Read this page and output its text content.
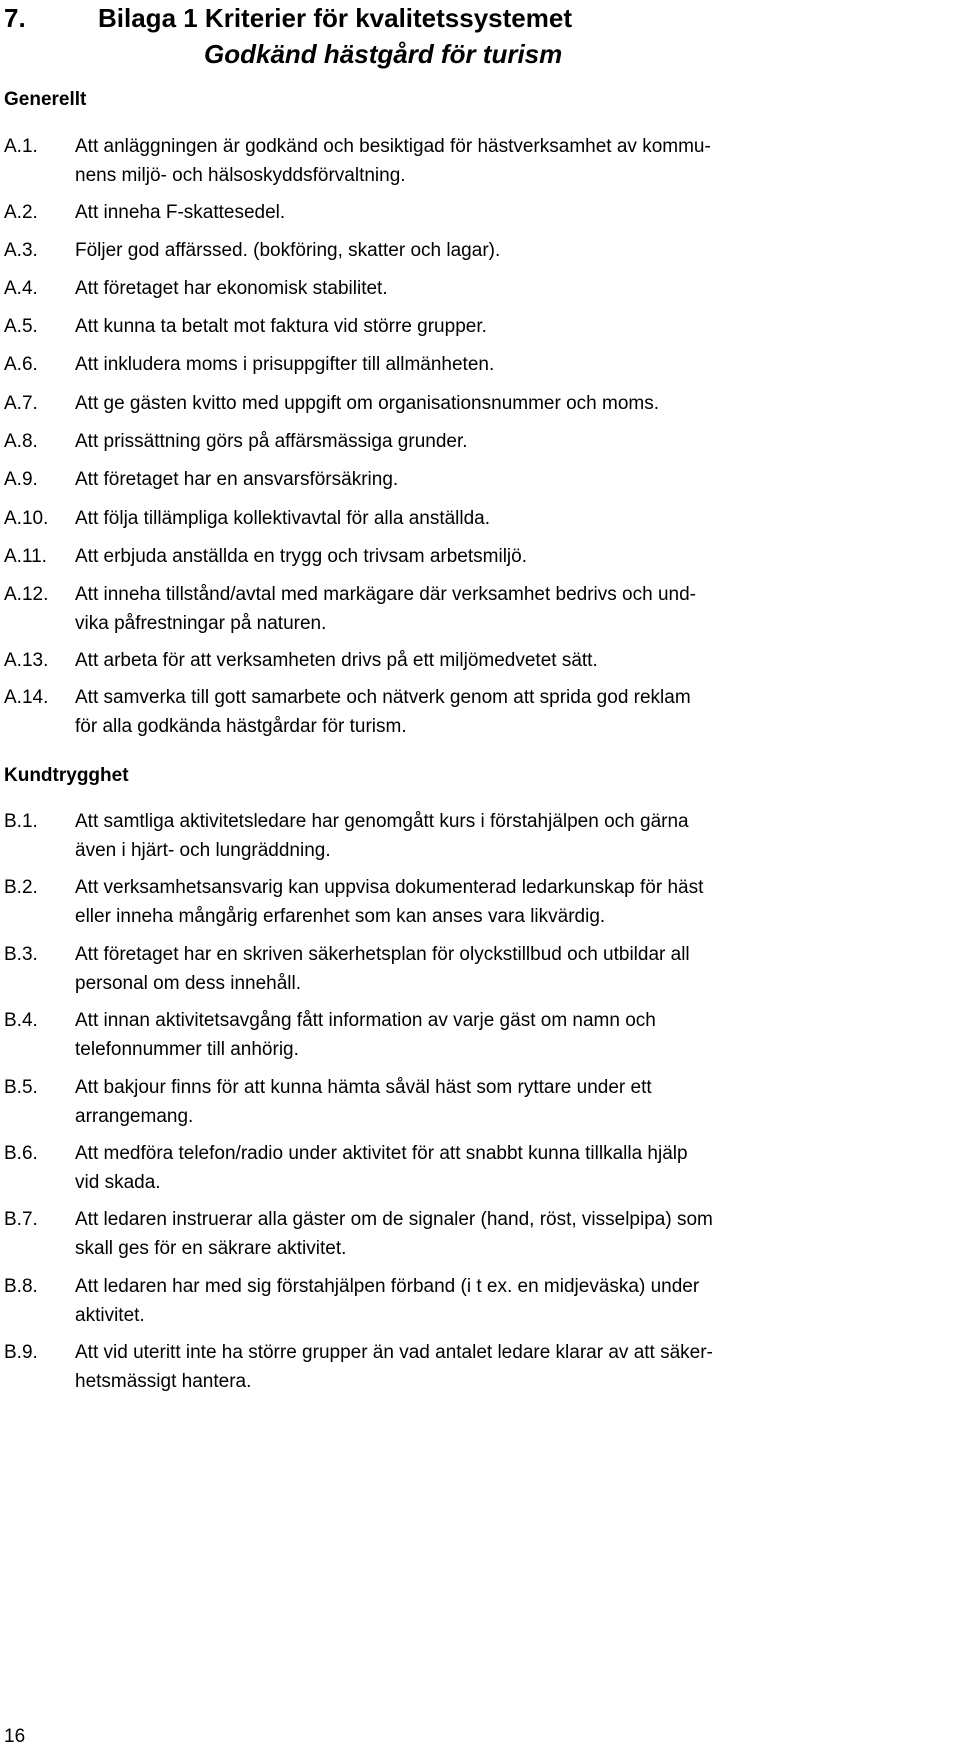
7.	Bilaga 1 Kriterier för kvalitetssystemet
Godkänd hästgård för turism
Generellt
A.1.	Att anläggningen är godkänd och besiktigad för hästverksamhet av kommu-
nens miljö- och hälsoskyddsförvaltning.
A.2.	Att inneha F-skattesedel.
A.3.	Följer god affärssed. (bokföring, skatter och lagar).
A.4.	Att företaget har ekonomisk stabilitet.
A.5.	Att kunna ta betalt mot faktura vid större grupper.
A.6.	Att inkludera moms i prisuppgifter till allmänheten.
A.7.	Att ge gästen kvitto med uppgift om organisationsnummer och moms.
A.8.	Att prissättning görs på affärsmässiga grunder.
A.9.	Att företaget har en ansvarsförsäkring.
A.10.	Att följa tillämpliga kollektivavtal för alla anställda.
A.11.	Att erbjuda anställda en trygg och trivsam arbetsmiljö.
A.12.	Att inneha tillstånd/avtal med markägare där verksamhet bedrivs och und-
vika påfrestningar på naturen.
A.13.	Att arbeta för att verksamheten drivs på ett miljömedvetet sätt.
A.14.	Att samverka till gott samarbete och nätverk genom att sprida god reklam
för alla godkända hästgårdar för turism.
Kundtrygghet
B.1.	Att samtliga aktivitetsledare har genomgått kurs i förstahjälpen och gärna
även i hjärt- och lungräddning.
B.2.	Att verksamhetsansvarig kan uppvisa dokumenterad ledarkunskap för häst
eller inneha mångårig erfarenhet som kan anses vara likvärdig.
B.3.	Att företaget har en skriven säkerhetsplan för olyckstillbud och utbildar all
personal om dess innehåll.
B.4.	Att innan aktivitetsavgång fått information av varje gäst om namn och
telefonnummer till anhörig.
B.5.	Att bakjour finns för att kunna hämta såväl häst som ryttare under ett
arrangemang.
B.6.	Att medföra telefon/radio under aktivitet för att snabbt kunna tillkalla hjälp
vid skada.
B.7.	Att ledaren instruerar alla gäster om de signaler (hand, röst, visselpipa) som
skall ges för en säkrare aktivitet.
B.8.	Att ledaren har med sig förstahjälpen förband (i t ex. en midjeväska) under
aktivitet.
B.9.	Att vid uteritt inte ha större grupper än vad antalet ledare klarar av att säker-
hetsmässigt hantera.
16
